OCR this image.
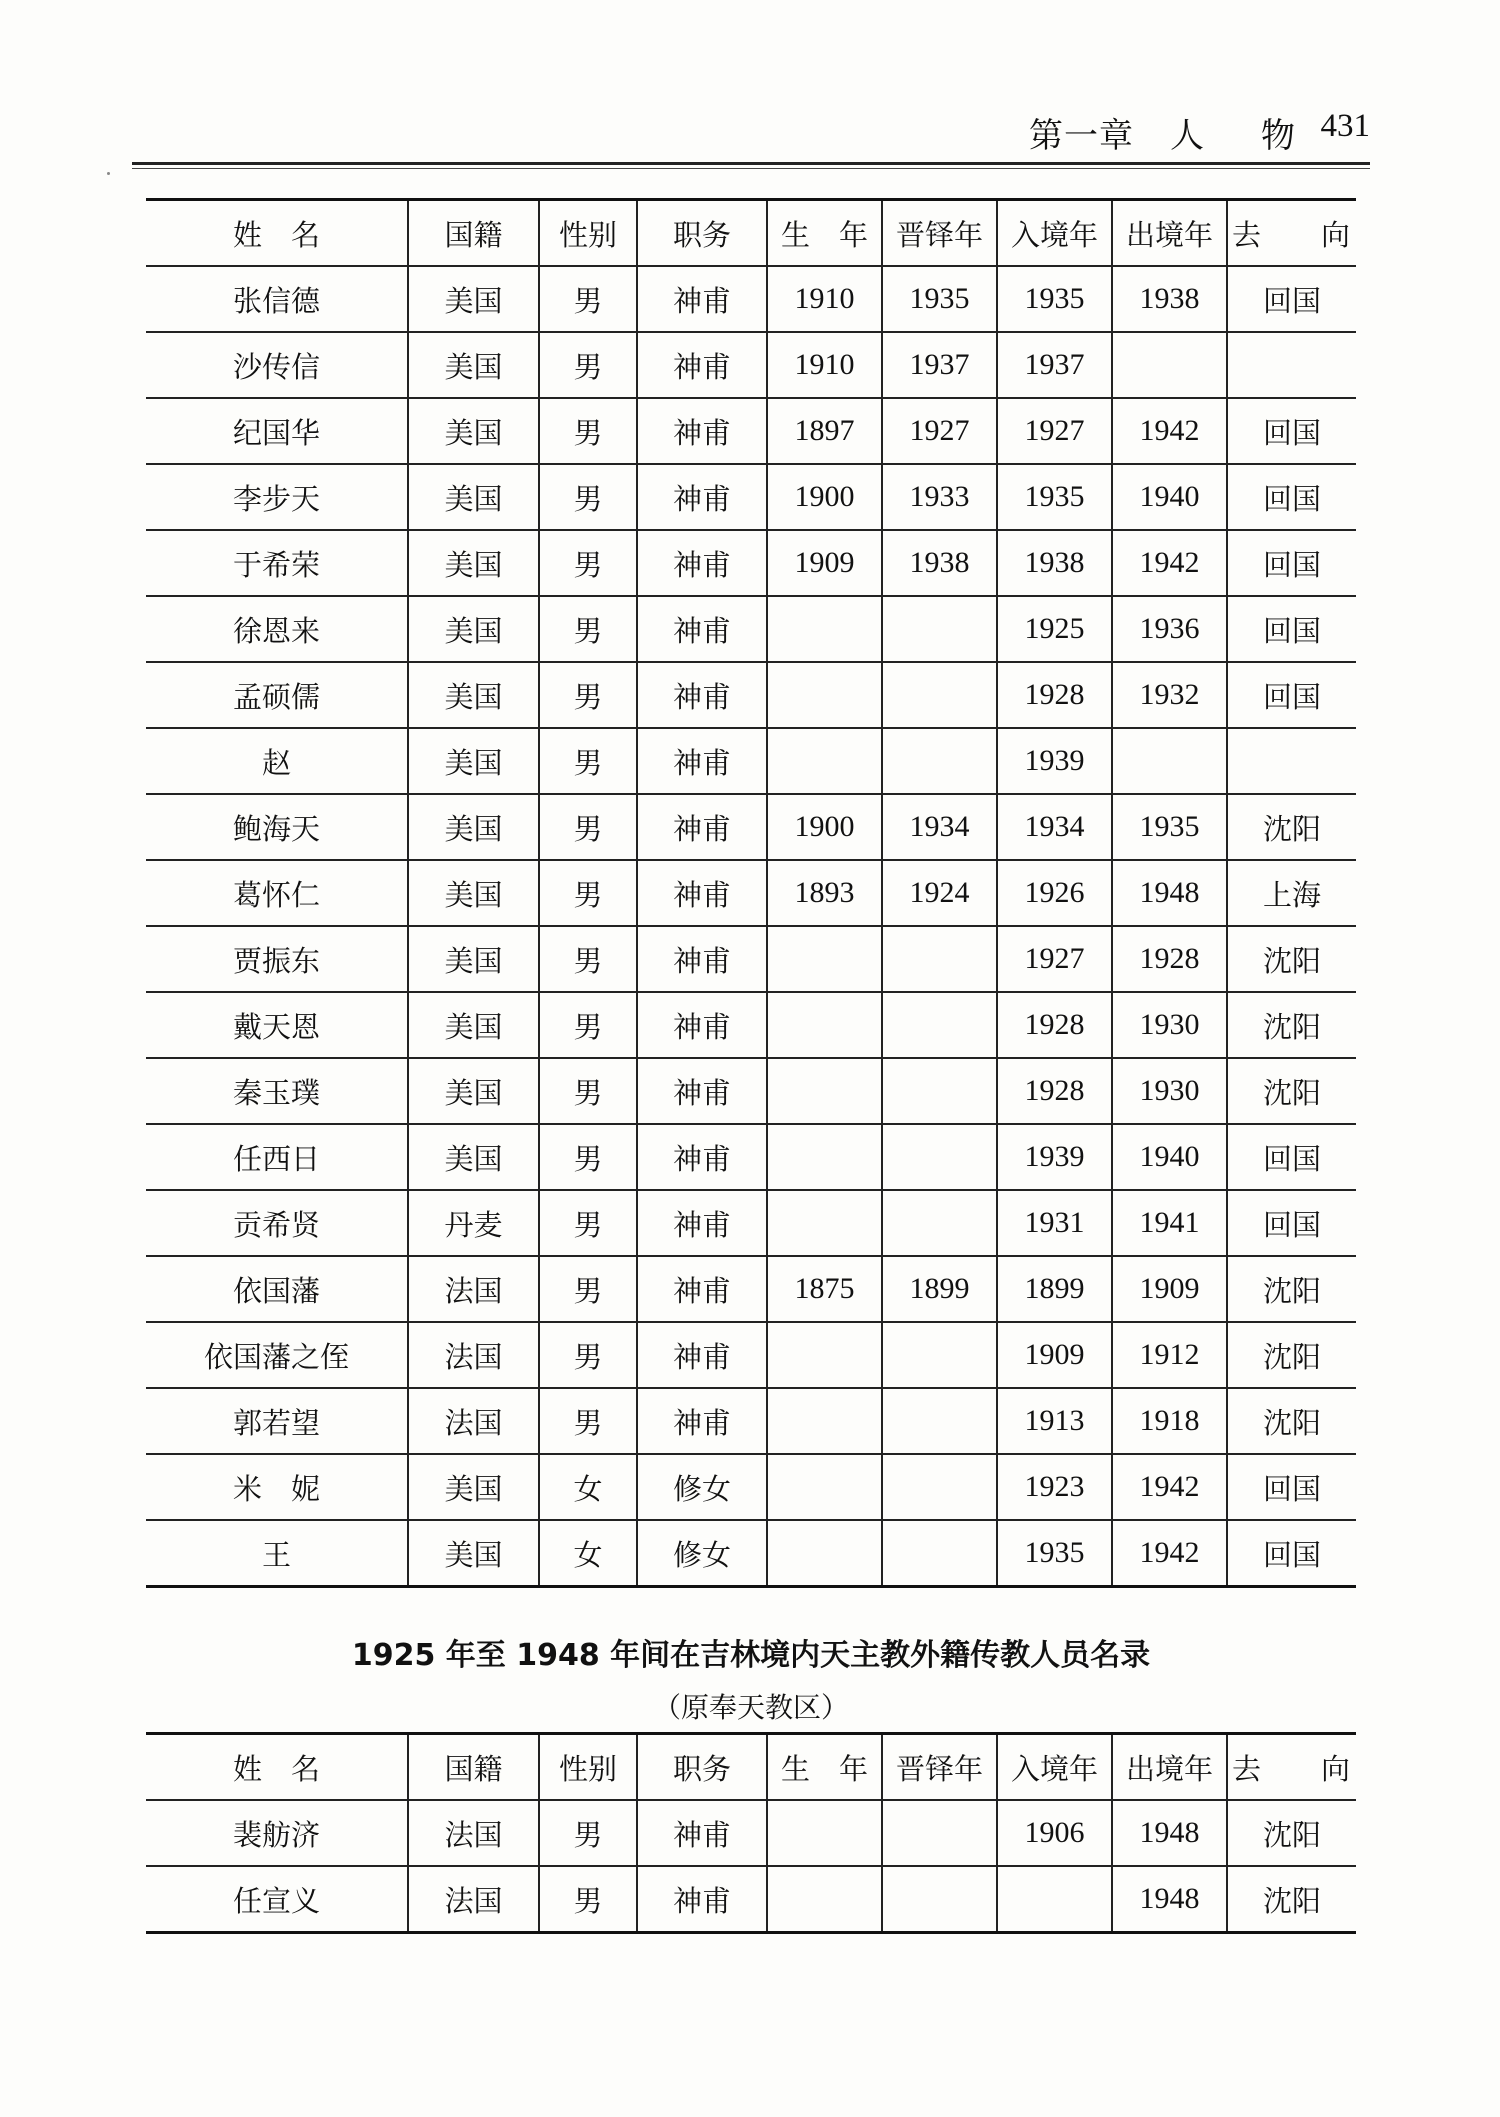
第一章 人 物 431
姓　名	国籍	性别	职务	生　年	晋铎年	入境年	出境年	去 向

张信德	美国	男	神甫	1910	1935	1935	1938	回国
沙传信	美国	男	神甫	1910	1937	1937		
纪国华	美国	男	神甫	1897	1927	1927	1942	回国
李步天	美国	男	神甫	1900	1933	1935	1940	回国
于希荣	美国	男	神甫	1909	1938	1938	1942	回国
徐恩来	美国	男	神甫			1925	1936	回国
孟硕儒	美国	男	神甫			1928	1932	回国
赵	美国	男	神甫			1939		
鲍海天	美国	男	神甫	1900	1934	1934	1935	沈阳
葛怀仁	美国	男	神甫	1893	1924	1926	1948	上海
贾振东	美国	男	神甫			1927	1928	沈阳
戴天恩	美国	男	神甫			1928	1930	沈阳
秦玉璞	美国	男	神甫			1928	1930	沈阳
任西日	美国	男	神甫			1939	1940	回国
贡希贤	丹麦	男	神甫			1931	1941	回国
依国藩	法国	男	神甫	1875	1899	1899	1909	沈阳
依国藩之侄	法国	男	神甫			1909	1912	沈阳
郭若望	法国	男	神甫			1913	1918	沈阳
米　妮	美国	女	修女			1923	1942	回国
王	美国	女	修女			1935	1942	回国
1925 年至 1948 年间在吉林境内天主教外籍传教人员名录
（原奉天教区）
姓　名	国籍	性别	职务	生　年	晋铎年	入境年	出境年	去 向

裴舫济	法国	男	神甫			1906	1948	沈阳
任宣义	法国	男	神甫				1948	沈阳
